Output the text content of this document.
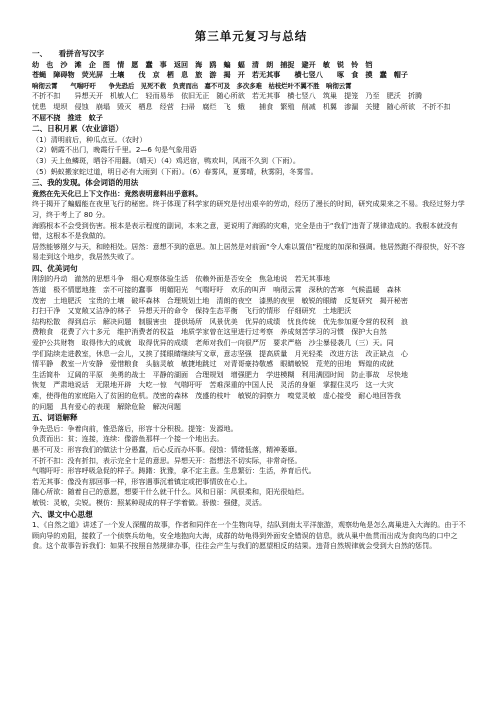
第三单元复习与总结
一、　　看拼音写汉字
幼　也　沙　滩　企　图　情　愿　蠢　事　返回　海　鸥　蝙　蝠　清　朗　捕捉　避开　敏　锐　铃　铛
苍蝇　障碍物　荧光屏　土壤　　伐　京　栖　息　旅　游　揭　开　若无其事　　横七竖八　　啄　食　摸　蠢　帽子
响彻云霄　　气喘吁吁　　争先恐后　见死不救　负责而出　嘉不可及　多次多难　枯枝烂叶不翼不胜　响彻云霄
不折不扣　　异想天开　机敏人仁　轻而易举　依旧无正　随心所欲　若无其事　横七竖八　筑巢　提笼　乃至　肥沃　折腾
忧患　堤坝　侵蚀　崩塌　毁灭　栖息　经营　扫帚　腐烂　飞　蛾　　捕食　繁殖　削减　机翼　渗漏　关键　随心所欲　不折不扣
不屈不挠　推进　蚊子
二、日积月累（农业谚语）
（1）清明前后，种瓜点豆。（农时）
（2）朝霞不出门，晚霞行千里。2—6 句是气象用语
（3）天上鱼鳞斑，晒谷不用翻。（晴天）（4）鸡迟宿，鸭欢叫，风雨不久到（下雨）。
（5）蚂蚁搬家蛇过道，明日必有大雨到（下雨）。（6）春雾风，夏雾晴，秋雾阴，冬雾雪。
三、我的发现。体会词语的用法
竟然在先天化已上下文作出：竟然表明意料出乎意料。
终于揭开了蝙蝠能在夜里飞行的秘密。终于体现了科学家的研究是付出艰辛的劳动，经历了漫长的时间，研究成果来之不易。我经过努力学习，终于考上了 80 分。
海鸥根本不会受到伤害。根本是表示程度的副词，本来之意，更说明了海鸥的灾难，完全是由于“我们”违背了规律造成的。我根本就没有错，这根本不是我做的。
居然能够刚夕与天，和睦相处。居然：意想不到的意思。加上居然是对前面“令人难以置信”程度的加深和强调。他居然跑不得很快，好不容易走到这个地步，我居然失败了。
四、优美词句
刚刮的丹动　澈然的思想斗争　细心观察体验生活　依赖外面是否安全　焦急地说　若无其事地
答道　极不情愿地推　亲不可接的蠢事　明媚阳光　气喘吁吁　欢乐的叫声　响彻云霄　深秋的苦寒　气候温暖　森林
茂密　土地肥沃　宝贵的土壤　破坏森林　合理规划土地　清朗的夜空　漆黑的夜里　敏锐的眼睛　反复研究　揭开秘密
打扫干净　又宽敞又洁净的林子　异想天开的命令　保持生态平衡　飞行的情形　仔细研究　土地肥沃
结构松散　得到启示　解决问题　制服害虫　提供场所　风景优美　优异的成绩　忧良传统　优先参加夏令营的权利　浪
费粮食　花费了六十多元　维护消费者的权益　地质学家曾在这里进行过考察　养成刻苦学习的习惯　保护大自然
爱护公共财物　取得伟大的成就　取得优异的成绩　老师对我们一向很严厉　要求严格　沙尘暴侵袭几（三）天。同
学们陆续走进教室，休息一会儿，又挨了揉眼睛继续写文章，意志坚强　提高质量　月光轻柔　改进方法　改正缺点　心
情平静　教室一片安静　爱惜粮食　头脑灵敏　敏捷地跳过　对青哥豪持敬感　眼睛敏锐　荒芜的田地　辉煌的成就
生活简朴　辽阔的平原　美勇的战士　平静的湖面　合理规划　增强肥力　学进模糊　利用满园时间　防止事故　尽快地
恢复　严肃地说话　无限地开辟　大吃一惊　气喘吁吁　苦难深重的中国人民　灵活的身躯　掌握住灵巧　这一大灾
难，使得他的家庭陷入了贫困的危机。茂密的森林　茂盛的枝叶　敏锐的洞察力　嗅觉灵敏　虚心接受　耐心地回答我
的问题　具有爱心的表现　解除危险　解决问题
五、词语解释
争先恐后：争着向前，惟恐落后，形容十分积极。提笼：发源地。
负责而出：贫；连接，连续：像游鱼那样一个接一个地出去。
愚不可及：形容我们的做法十分愚蠢，后心反而办坏事。侵蚀：情绪低落，精神萎靡。
不折不扣：没有折扣，表示完全十足的意思。异想天开：指想法不切实际，非常奇怪。
气喘吁吁：形容呼吸急促的样子。踌躇：犹豫，拿不定主意。生息繁衍：生活，养育后代。
若无其事：像没有那回事一样，形容遇事沉着镇定或把事情放在心上。
随心所欲：随着自己的意愿，想要干什么就干什么。风和日丽：风很柔和，阳光很灿烂。
敏锐：灵敏，尖锐。模仿：照某种现成的样子学着做。骄傲：强健，灵活。
六、课文中心思想
1、《自然之道》讲述了一个发人深醒的故事，作者和同伴在一个生物向导，结队到南太平洋旅游，观察幼龟是怎么离巢进入大海的。由于不顾向导的劝阻，接救了一个侦察兵幼龟，安全地抱向大海，成群的幼龟得到外面安全错误的信息，就从巢中鱼贯而出成为食肉鸟的口中之食。这个故事告诉我们：如果不按照自然规律办事，往往会产生与我们的愿望相反的结果。违背自然规律就会受到大自然的惩罚。
